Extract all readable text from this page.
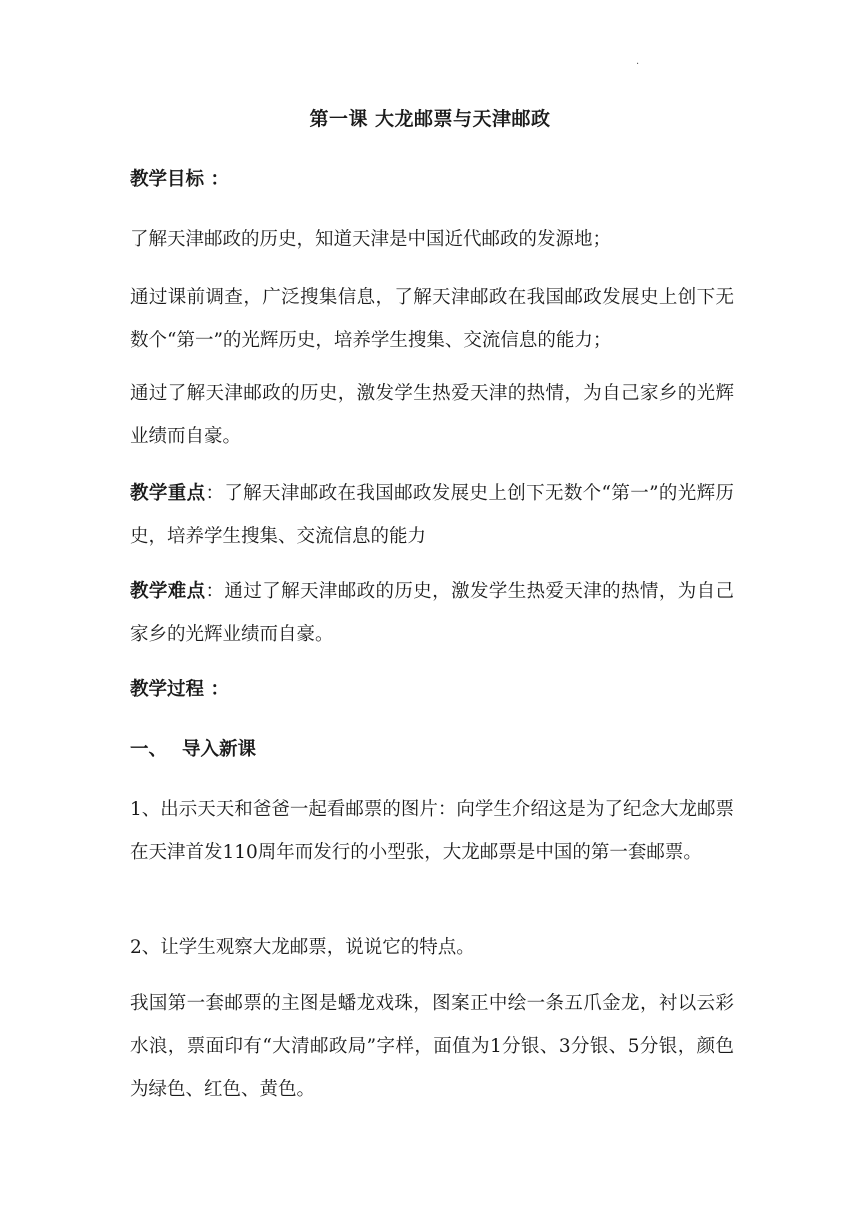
.
第一课 大龙邮票与天津邮政

教学目标 ：

了解天津邮政的历史，知道天津是中国近代邮政的发源地；

通过课前调查，广泛搜集信息，了解天津邮政在我国邮政发展史上创下无数个“第一”的光辉历史，培养学生搜集、交流信息的能力；

通过了解天津邮政的历史，激发学生热爱天津的热情，为自己家乡的光辉业绩而自豪。

教学重点：了解天津邮政在我国邮政发展史上创下无数个“第一”的光辉历史，培养学生搜集、交流信息的能力

教学难点：通过了解天津邮政的历史，激发学生热爱天津的热情，为自己家乡的光辉业绩而自豪。

教学过程 ：

一、 导入新课

1、出示天天和爸爸一起看邮票的图片：向学生介绍这是为了纪念大龙邮票在天津首发110周年而发行的小型张，大龙邮票是中国的第一套邮票。

2、让学生观察大龙邮票，说说它的特点。

我国第一套邮票的主图是蟠龙戏珠，图案正中绘一条五爪金龙，衬以云彩水浪，票面印有“大清邮政局”字样，面值为1分银、3分银、5分银，颜色为绿色、红色、黄色。
